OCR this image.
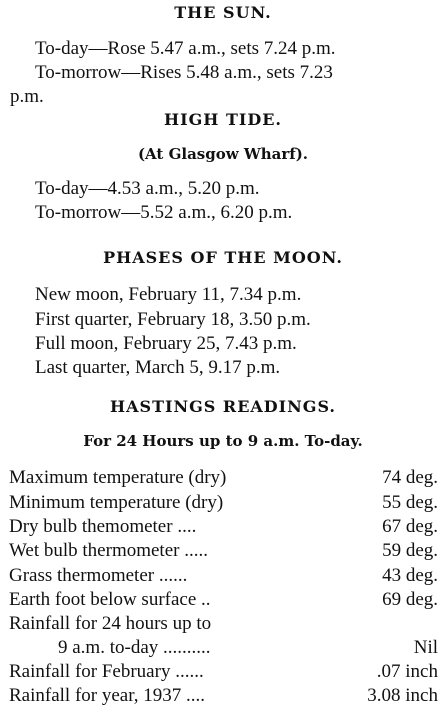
THE SUN.
To-day—Rose 5.47 a.m., sets 7.24 p.m.
To-morrow—Rises 5.48 a.m., sets 7.23
p.m.
HIGH TIDE.
(At Glasgow Wharf).
To-day—4.53 a.m., 5.20 p.m.
To-morrow—5.52 a.m., 6.20 p.m.
PHASES OF THE MOON.
New moon, February 11, 7.34 p.m.
First quarter, February 18, 3.50 p.m.
Full moon, February 25, 7.43 p.m.
Last quarter, March 5, 9.17 p.m.
HASTINGS READINGS.
For 24 Hours up to 9 a.m. To-day.
Maximum temperature (dry)	74 deg.
Minimum temperature (dry)	55 deg.
Dry bulb themometer ....	67 deg.
Wet bulb thermometer .....	59 deg.
Grass thermometer ......	43 deg.
Earth foot below surface ..	69 deg.
Rainfall for 24 hours up to
9 a.m. to-day ..........	Nil
Rainfall for February ......	.07 inch
Rainfall for year, 1937 ....	3.08 inch
